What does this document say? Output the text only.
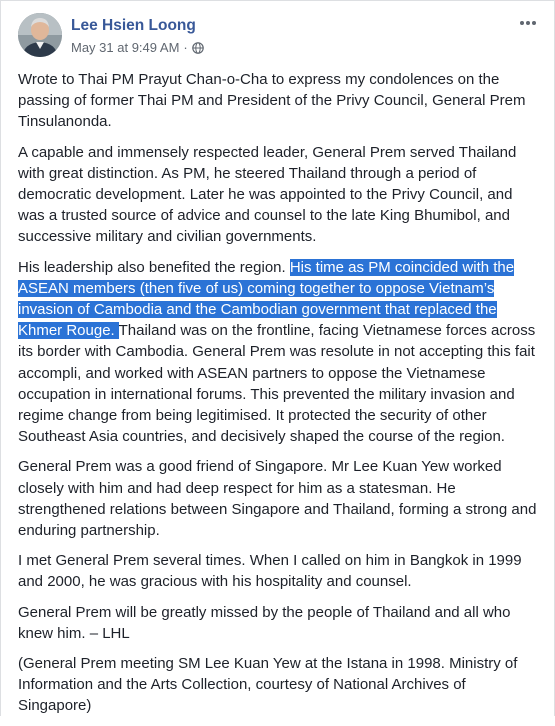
Lee Hsien Loong
May 31 at 9:49 AM ·

Wrote to Thai PM Prayut Chan-o-Cha to express my condolences on the passing of former Thai PM and President of the Privy Council, General Prem Tinsulanonda.

A capable and immensely respected leader, General Prem served Thailand with great distinction. As PM, he steered Thailand through a period of democratic development. Later he was appointed to the Privy Council, and was a trusted source of advice and counsel to the late King Bhumibol, and successive military and civilian governments.

His leadership also benefited the region. His time as PM coincided with the ASEAN members (then five of us) coming together to oppose Vietnam’s invasion of Cambodia and the Cambodian government that replaced the Khmer Rouge. Thailand was on the frontline, facing Vietnamese forces across its border with Cambodia. General Prem was resolute in not accepting this fait accompli, and worked with ASEAN partners to oppose the Vietnamese occupation in international forums. This prevented the military invasion and regime change from being legitimised. It protected the security of other Southeast Asia countries, and decisively shaped the course of the region.

General Prem was a good friend of Singapore. Mr Lee Kuan Yew worked closely with him and had deep respect for him as a statesman. He strengthened relations between Singapore and Thailand, forming a strong and enduring partnership.

I met General Prem several times. When I called on him in Bangkok in 1999 and 2000, he was gracious with his hospitality and counsel.

General Prem will be greatly missed by the people of Thailand and all who knew him. – LHL

(General Prem meeting SM Lee Kuan Yew at the Istana in 1998. Ministry of Information and the Arts Collection, courtesy of National Archives of Singapore)
